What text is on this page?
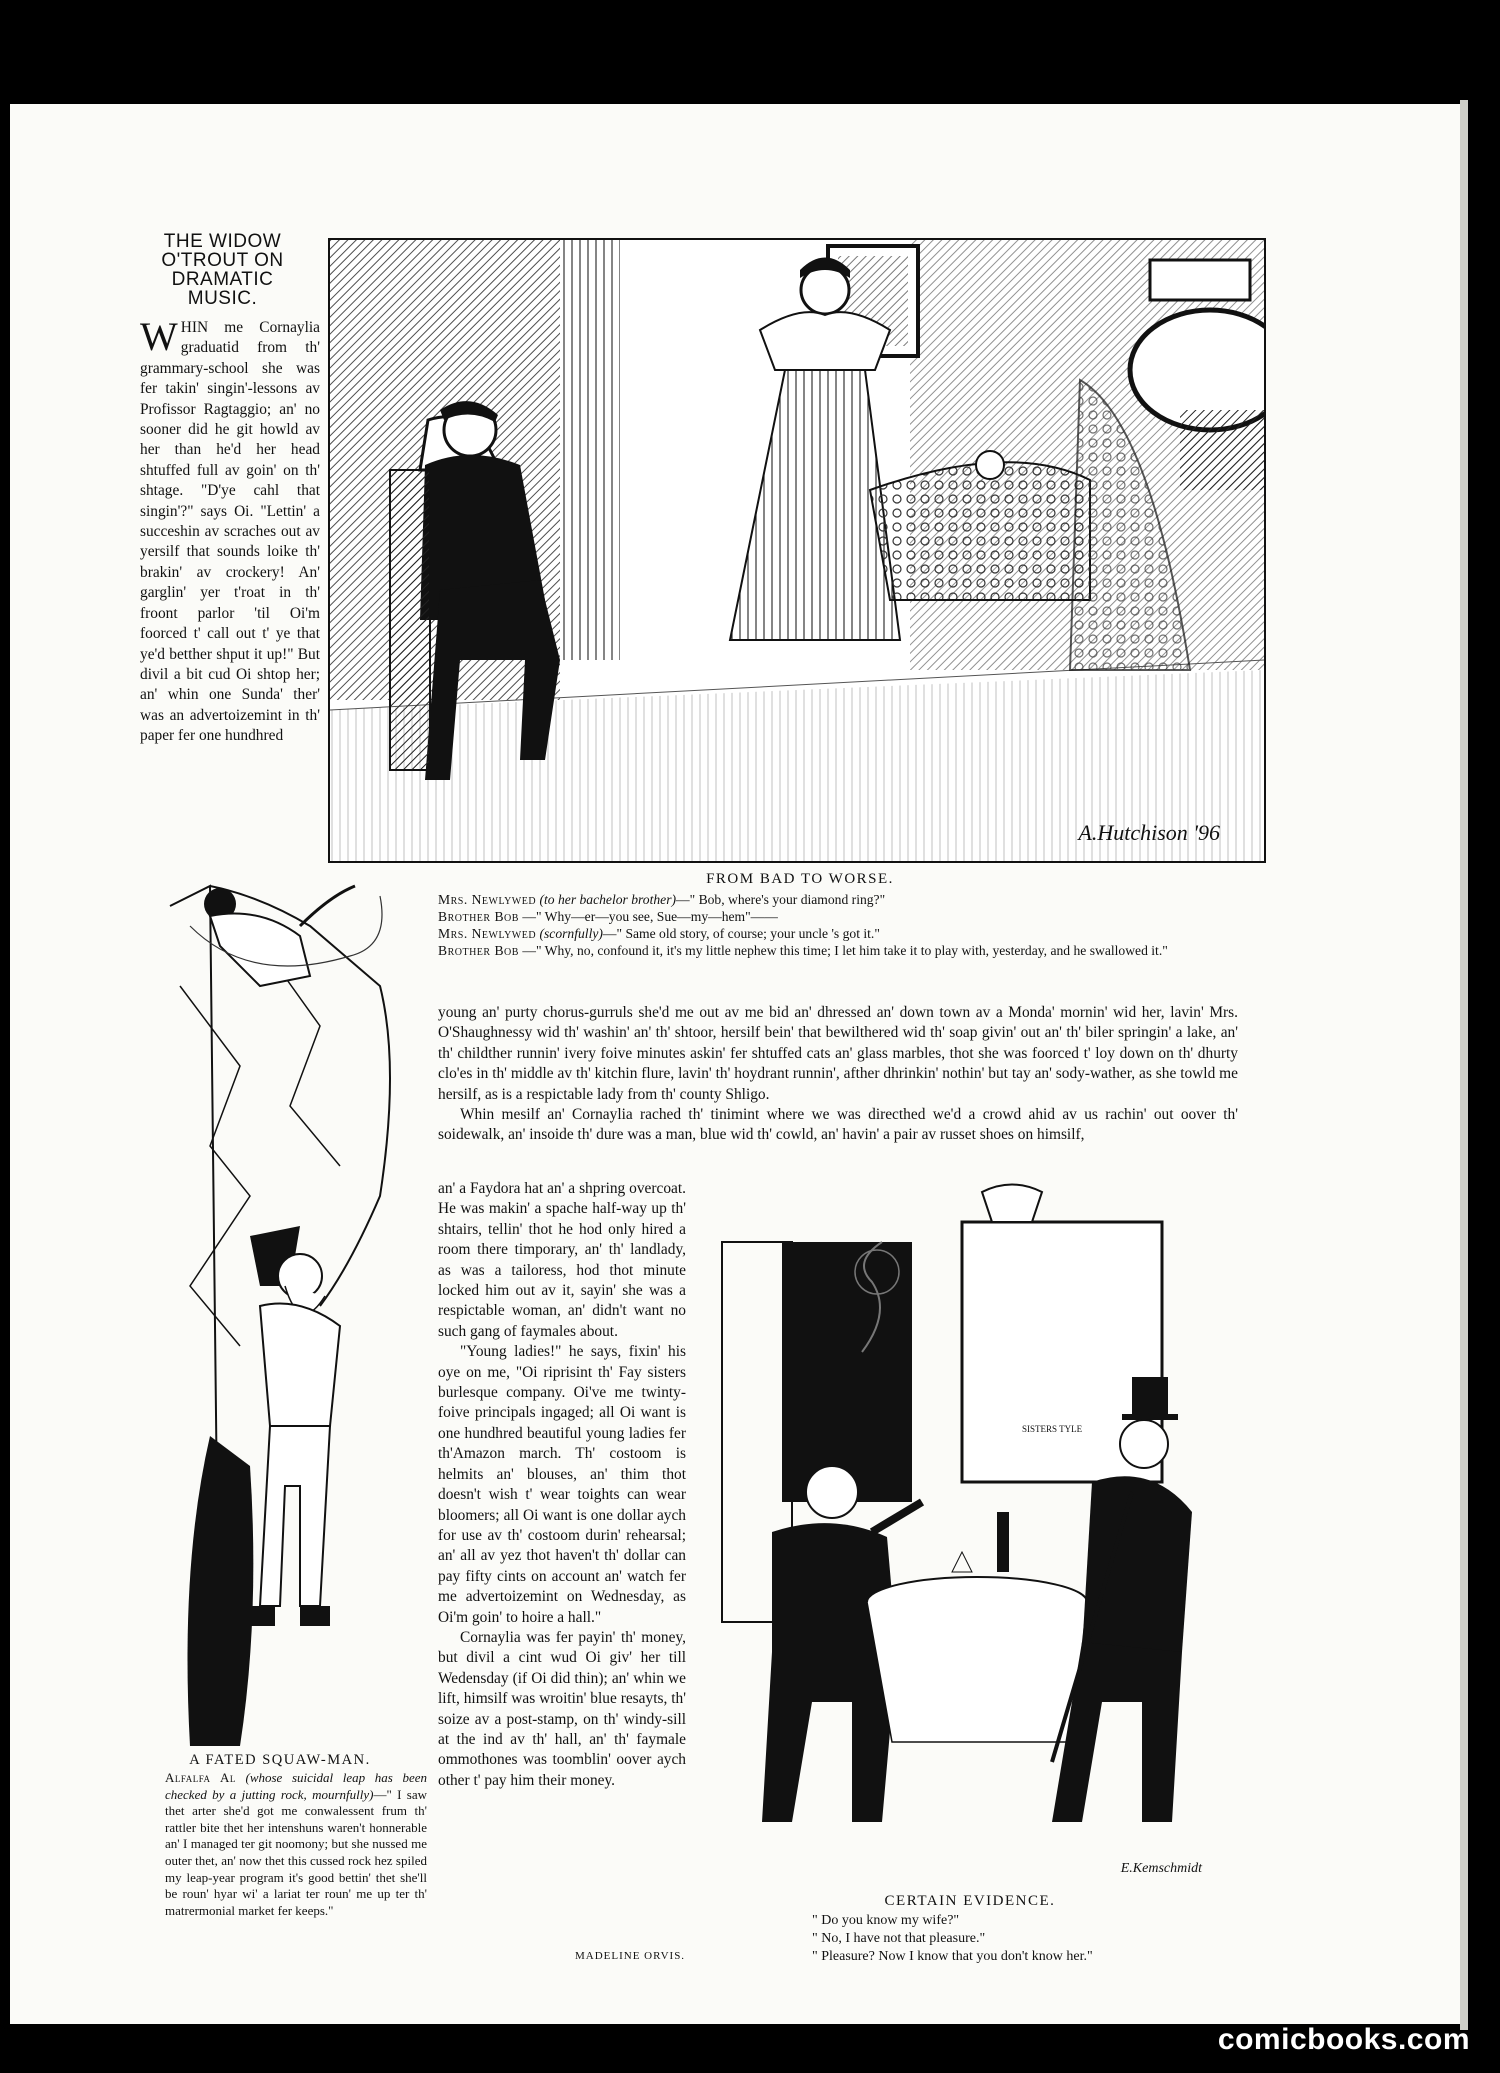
THE WIDOW O'TROUT ON DRAMATIC MUSIC.

WHIN me Cornaylia graduatid from th' grammary-school she was fer takin' singin'-lessons av Profissor Ragtaggio; an' no sooner did he git howld av her than he'd her head shtuffed full av goin' on th' shtage. "D'ye cahl that singin'?" says Oi. "Lettin' a succeshin av scraches out av yersilf that sounds loike th' brakin' av crockery! An' garglin' yer t'roat in th' froont parlor 'til Oi'm foorced t' call out t' ye that ye'd betther shput it up!" But divil a bit cud Oi shtop her; an' whin one Sunda' ther' was an advertoizemint in th' paper fer one hundhred

A.Hutchison '96
FROM BAD TO WORSE.
Mrs. Newlywed (to her bachelor brother)—" Bob, where's your diamond ring?"
Brother Bob —" Why—er—you see, Sue—my—hem"——
Mrs. Newlywed (scornfully)—" Same old story, of course; your uncle 's got it."
Brother Bob —" Why, no, confound it, it's my little nephew this time; I let him take it to play with, yesterday, and he swallowed it."
A FATED SQUAW-MAN.
Alfalfa Al (whose suicidal leap has been checked by a jutting rock, mournfully)—" I saw thet arter she'd got me conwalessent frum th' rattler bite thet her intenshuns waren't honnerable an' I managed ter git noomony; but she nussed me outer thet, an' now thet this cussed rock hez spiled my leap-year program it's good bettin' thet she'll be roun' hyar wi' a lariat ter roun' me up ter th' matrermonial market fer keeps."

young an' purty chorus-gurruls she'd me out av me bid an' dhressed an' down town av a Monda' mornin' wid her, lavin' Mrs. O'Shaughnessy wid th' washin' an' th' shtoor, hersilf bein' that bewilthered wid th' soap givin' out an' th' biler springin' a lake, an' th' childther runnin' ivery foive minutes askin' fer shtuffed cats an' glass marbles, thot she was foorced t' loy down on th' dhurty clo'es in th' middle av th' kitchin flure, lavin' th' hoydrant runnin', afther dhrinkin' nothin' but tay an' sody-wather, as she towld me hersilf, as is a respictable lady from th' county Shligo.

Whin mesilf an' Cornaylia rached th' tinimint where we was directhed we'd a crowd ahid av us rachin' out oover th' soidewalk, an' insoide th' dure was a man, blue wid th' cowld, an' havin' a pair av russet shoes on himsilf,

an' a Faydora hat an' a shpring overcoat. He was makin' a spache half-way up th' shtairs, tellin' thot he hod only hired a room there timporary, an' th' landlady, as was a tailoress, hod thot minute locked him out av it, sayin' she was a respictable woman, an' didn't want no such gang of faymales about.

"Young ladies!" he says, fixin' his oye on me, "Oi riprisint th' Fay sisters burlesque company. Oi've me twinty-foive principals ingaged; all Oi want is one hundhred beautiful young ladies fer th'Amazon march. Th' costoom is helmits an' blouses, an' thim thot doesn't wish t' wear toights can wear bloomers; all Oi want is one dollar aych for use av th' costoom durin' rehearsal; an' all av yez thot haven't th' dollar can pay fifty cints on account an' watch fer me advertoizemint on Wednesday, as Oi'm goin' to hoire a hall."

Cornaylia was fer payin' th' money, but divil a cint wud Oi giv' her till Wedensday (if Oi did thin); an' whin we lift, himsilf was wroitin' blue resayts, th' soize av a post-stamp, on th' windy-sill at the ind av th' hall, an' th' faymale ommothones was toomblin' oover aych other t' pay him their money.

MADELINE ORVIS.
SISTERS TYLE
E.Kemschmidt
CERTAIN EVIDENCE.
" Do you know my wife?"
" No, I have not that pleasure."
" Pleasure? Now I know that you don't know her."
comicbooks.com
